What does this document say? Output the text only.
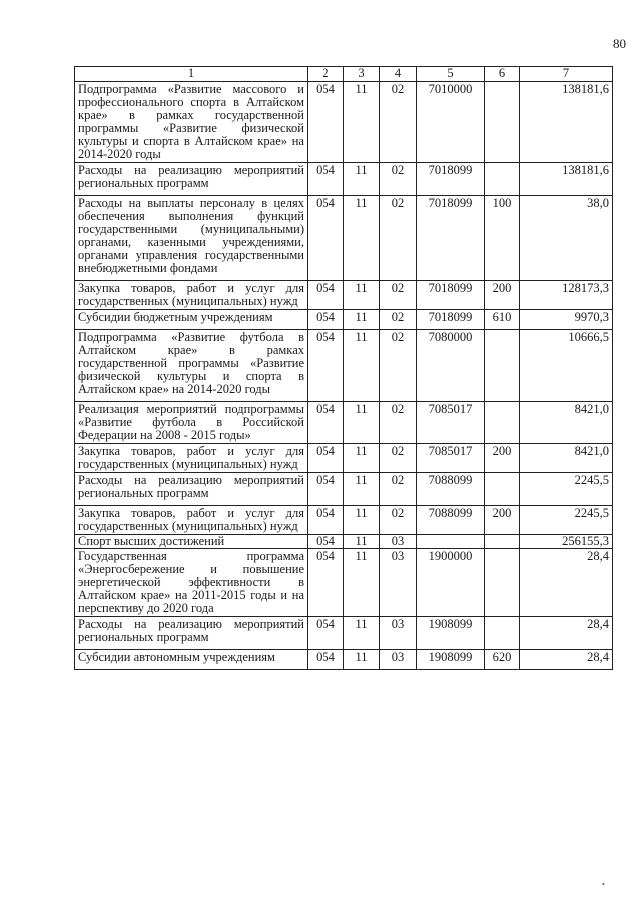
80
1	2	3	4	5	6	7
Подпрограмма «Развитие массового и профессионального спорта в Алтайском крае» в рамках государственной программы «Развитие физической культуры и спорта в Алтайском крае» на 2014-2020 годы	054	11	02	7010000		138181,6
Расходы на реализацию мероприятий региональных программ	054	11	02	7018099		138181,6
Расходы на выплаты персоналу в целях обеспечения выполнения функций государственными (муниципальными) органами, казенными учреждениями, органами управления государственными внебюджетными фондами	054	11	02	7018099	100	38,0
Закупка товаров, работ и услуг для государственных (муниципальных) нужд	054	11	02	7018099	200	128173,3
Субсидии бюджетным учреждениям	054	11	02	7018099	610	9970,3
Подпрограмма «Развитие футбола в Алтайском крае» в рамках государственной программы «Развитие физической культуры и спорта в Алтайском крае» на 2014-2020 годы	054	11	02	7080000		10666,5
Реализация мероприятий подпрограммы «Развитие футбола в Российской Федерации на 2008 - 2015 годы»	054	11	02	7085017		8421,0
Закупка товаров, работ и услуг для государственных (муниципальных) нужд	054	11	02	7085017	200	8421,0
Расходы на реализацию мероприятий региональных программ	054	11	02	7088099		2245,5
Закупка товаров, работ и услуг для государственных (муниципальных) нужд	054	11	02	7088099	200	2245,5
Спорт высших достижений	054	11	03			256155,3
Государственная программа «Энергосбережение и повышение энергетической эффективности в Алтайском крае» на 2011-2015 годы и на перспективу до 2020 года	054	11	03	1900000		28,4
Расходы на реализацию мероприятий региональных программ	054	11	03	1908099		28,4
Субсидии автономным учреждениям	054	11	03	1908099	620	28,4
•
